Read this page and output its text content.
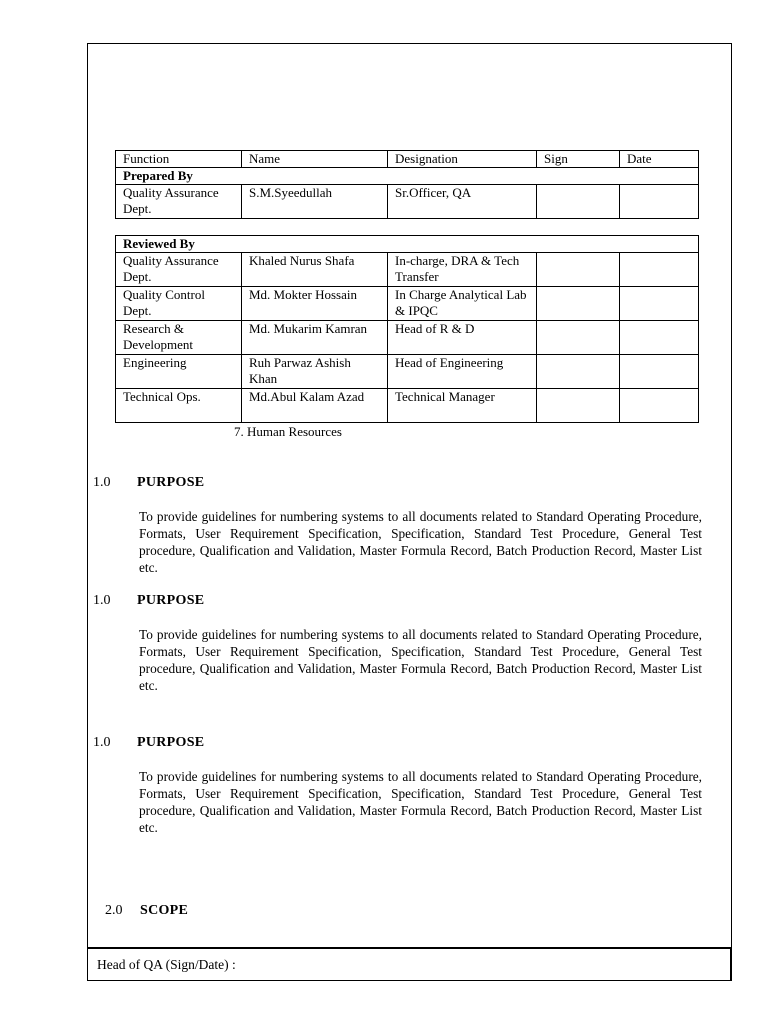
Function	Name	Designation	Sign	Date
Prepared By				
Quality Assurance Dept.	S.M.Syeedullah	Sr.Officer, QA		
Reviewed By				
Quality Assurance Dept.	Khaled Nurus Shafa	In-charge, DRA & Tech Transfer		
Quality Control Dept.	Md. Mokter Hossain	In Charge Analytical Lab & IPQC		
Research & Development	Md. Mukarim Kamran	Head of R & D		
Engineering	Ruh Parwaz Ashish Khan	Head of Engineering		
Technical Ops.	Md.Abul Kalam Azad	Technical Manager		
7. Human Resources
1.0 PURPOSE
To provide guidelines for numbering systems to all documents related to Standard Operating Procedure, Formats, User Requirement Specification, Specification, Standard Test Procedure, General Test procedure, Qualification and Validation, Master Formula Record, Batch Production Record, Master List etc.
1.0 PURPOSE
To provide guidelines for numbering systems to all documents related to Standard Operating Procedure, Formats, User Requirement Specification, Specification, Standard Test Procedure, General Test procedure, Qualification and Validation, Master Formula Record, Batch Production Record, Master List etc.
1.0 PURPOSE
To provide guidelines for numbering systems to all documents related to Standard Operating Procedure, Formats, User Requirement Specification, Specification, Standard Test Procedure, General Test procedure, Qualification and Validation, Master Formula Record, Batch Production Record, Master List etc.
2.0 SCOPE
Head of QA (Sign/Date) :
